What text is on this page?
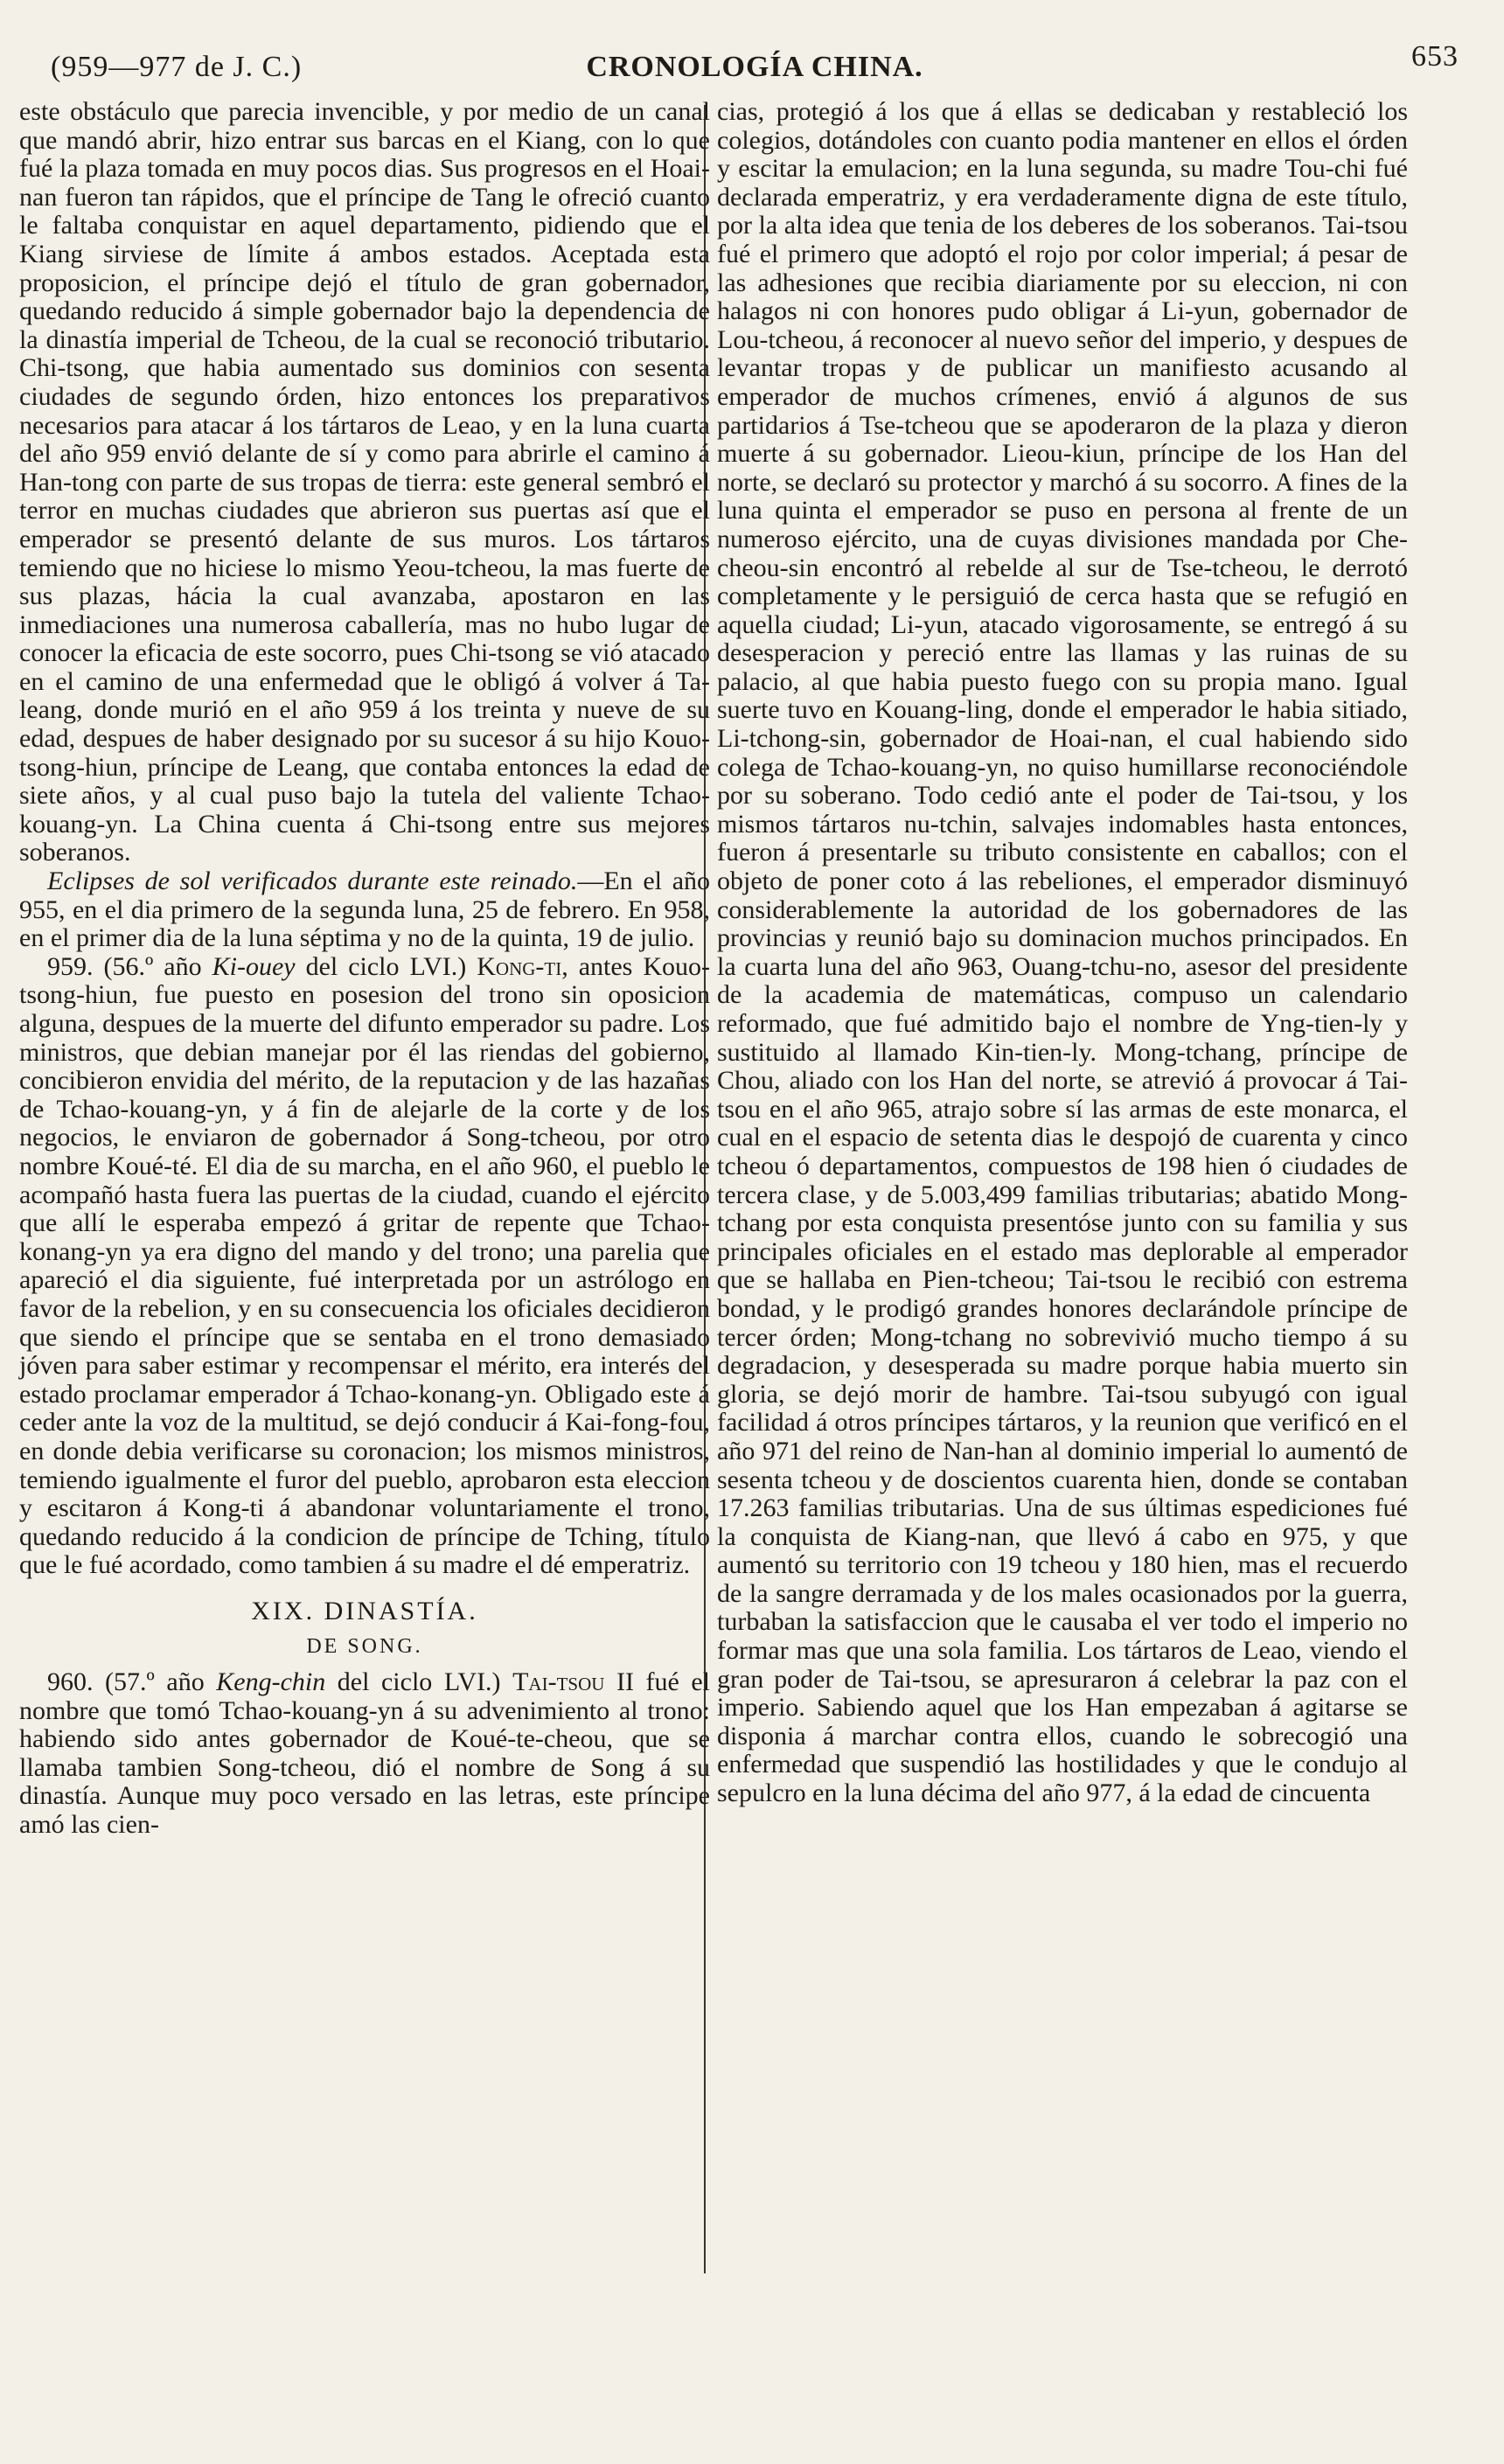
(959—977 de J. C.)	CRONOLOGÍA CHINA.	653

este obstáculo que parecia invencible, y por medio de un canal que mandó abrir, hizo entrar sus barcas en el Kiang, con lo que fué la plaza tomada en muy pocos dias. Sus progresos en el Hoai-nan fueron tan rápidos, que el príncipe de Tang le ofreció cuanto le faltaba conquistar en aquel departamento, pidiendo que el Kiang sirviese de límite á ambos estados. Aceptada esta proposicion, el príncipe dejó el título de gran gobernador, quedando reducido á simple gobernador bajo la dependencia de la dinastía imperial de Tcheou, de la cual se reconoció tributario. Chi-tsong, que habia aumentado sus dominios con sesenta ciudades de segundo órden, hizo entonces los preparativos necesarios para atacar á los tártaros de Leao, y en la luna cuarta del año 959 envió delante de sí y como para abrirle el camino á Han-tong con parte de sus tropas de tierra: este general sembró el terror en muchas ciudades que abrieron sus puertas así que el emperador se presentó delante de sus muros. Los tártaros temiendo que no hiciese lo mismo Yeou-tcheou, la mas fuerte de sus plazas, hácia la cual avanzaba, apostaron en las inmediaciones una numerosa caballería, mas no hubo lugar de conocer la eficacia de este socorro, pues Chi-tsong se vió atacado en el camino de una enfermedad que le obligó á volver á Ta-leang, donde murió en el año 959 á los treinta y nueve de su edad, despues de haber designado por su sucesor á su hijo Kouo-tsong-hiun, príncipe de Leang, que contaba entonces la edad de siete años, y al cual puso bajo la tutela del valiente Tchao-kouang-yn. La China cuenta á Chi-tsong entre sus mejores soberanos.

Eclipses de sol verificados durante este reinado.—En el año 955, en el dia primero de la segunda luna, 25 de febrero. En 958, en el primer dia de la luna séptima y no de la quinta, 19 de julio.

959. (56.º año Ki-ouey del ciclo LVI.) Kong-ti, antes Kouo-tsong-hiun, fue puesto en posesion del trono sin oposicion alguna, despues de la muerte del difunto emperador su padre. Los ministros, que debian manejar por él las riendas del gobierno, concibieron envidia del mérito, de la reputacion y de las hazañas de Tchao-kouang-yn, y á fin de alejarle de la corte y de los negocios, le enviaron de gobernador á Song-tcheou, por otro nombre Koué-té. El dia de su marcha, en el año 960, el pueblo le acompañó hasta fuera las puertas de la ciudad, cuando el ejército que allí le esperaba empezó á gritar de repente que Tchao-konang-yn ya era digno del mando y del trono; una parelia que apareció el dia siguiente, fué interpretada por un astrólogo en favor de la rebelion, y en su consecuencia los oficiales decidieron que siendo el príncipe que se sentaba en el trono demasiado jóven para saber estimar y recompensar el mérito, era interés del estado proclamar emperador á Tchao-konang-yn. Obligado este á ceder ante la voz de la multitud, se dejó conducir á Kai-fong-fou, en donde debia verificarse su coronacion; los mismos ministros, temiendo igualmente el furor del pueblo, aprobaron esta eleccion y escitaron á Kong-ti á abandonar voluntariamente el trono, quedando reducido á la condicion de príncipe de Tching, título que le fué acordado, como tambien á su madre el dé emperatriz.

XIX. DINASTÍA.
DE SONG.

960. (57.º año Keng-chin del ciclo LVI.) Tai-tsou II fué el nombre que tomó Tchao-kouang-yn á su advenimiento al trono: habiendo sido antes gobernador de Koué-te-cheou, que se llamaba tambien Song-tcheou, dió el nombre de Song á su dinastía. Aunque muy poco versado en las letras, este príncipe amó las cien-

cias, protegió á los que á ellas se dedicaban y restableció los colegios, dotándoles con cuanto podia mantener en ellos el órden y escitar la emulacion; en la luna segunda, su madre Tou-chi fué declarada emperatriz, y era verdaderamente digna de este título, por la alta idea que tenia de los deberes de los soberanos. Tai-tsou fué el primero que adoptó el rojo por color imperial; á pesar de las adhesiones que recibia diariamente por su eleccion, ni con halagos ni con honores pudo obligar á Li-yun, gobernador de Lou-tcheou, á reconocer al nuevo señor del imperio, y despues de levantar tropas y de publicar un manifiesto acusando al emperador de muchos crímenes, envió á algunos de sus partidarios á Tse-tcheou que se apoderaron de la plaza y dieron muerte á su gobernador. Lieou-kiun, príncipe de los Han del norte, se declaró su protector y marchó á su socorro. A fines de la luna quinta el emperador se puso en persona al frente de un numeroso ejército, una de cuyas divisiones mandada por Che-cheou-sin encontró al rebelde al sur de Tse-tcheou, le derrotó completamente y le persiguió de cerca hasta que se refugió en aquella ciudad; Li-yun, atacado vigorosamente, se entregó á su desesperacion y pereció entre las llamas y las ruinas de su palacio, al que habia puesto fuego con su propia mano. Igual suerte tuvo en Kouang-ling, donde el emperador le habia sitiado, Li-tchong-sin, gobernador de Hoai-nan, el cual habiendo sido colega de Tchao-kouang-yn, no quiso humillarse reconociéndole por su soberano. Todo cedió ante el poder de Tai-tsou, y los mismos tártaros nu-tchin, salvajes indomables hasta entonces, fueron á presentarle su tributo consistente en caballos; con el objeto de poner coto á las rebeliones, el emperador disminuyó considerablemente la autoridad de los gobernadores de las provincias y reunió bajo su dominacion muchos principados. En la cuarta luna del año 963, Ouang-tchu-no, asesor del presidente de la academia de matemáticas, compuso un calendario reformado, que fué admitido bajo el nombre de Yng-tien-ly y sustituido al llamado Kin-tien-ly. Mong-tchang, príncipe de Chou, aliado con los Han del norte, se atrevió á provocar á Tai-tsou en el año 965, atrajo sobre sí las armas de este monarca, el cual en el espacio de setenta dias le despojó de cuarenta y cinco tcheou ó departamentos, compuestos de 198 hien ó ciudades de tercera clase, y de 5.003,499 familias tributarias; abatido Mong-tchang por esta conquista presentóse junto con su familia y sus principales oficiales en el estado mas deplorable al emperador que se hallaba en Pien-tcheou; Tai-tsou le recibió con estrema bondad, y le prodigó grandes honores declarándole príncipe de tercer órden; Mong-tchang no sobrevivió mucho tiempo á su degradacion, y desesperada su madre porque habia muerto sin gloria, se dejó morir de hambre. Tai-tsou subyugó con igual facilidad á otros príncipes tártaros, y la reunion que verificó en el año 971 del reino de Nan-han al dominio imperial lo aumentó de sesenta tcheou y de doscientos cuarenta hien, donde se contaban 17.263 familias tributarias. Una de sus últimas espediciones fué la conquista de Kiang-nan, que llevó á cabo en 975, y que aumentó su territorio con 19 tcheou y 180 hien, mas el recuerdo de la sangre derramada y de los males ocasionados por la guerra, turbaban la satisfaccion que le causaba el ver todo el imperio no formar mas que una sola familia. Los tártaros de Leao, viendo el gran poder de Tai-tsou, se apresuraron á celebrar la paz con el imperio. Sabiendo aquel que los Han empezaban á agitarse se disponia á marchar contra ellos, cuando le sobrecogió una enfermedad que suspendió las hostilidades y que le condujo al sepulcro en la luna décima del año 977, á la edad de cincuenta
